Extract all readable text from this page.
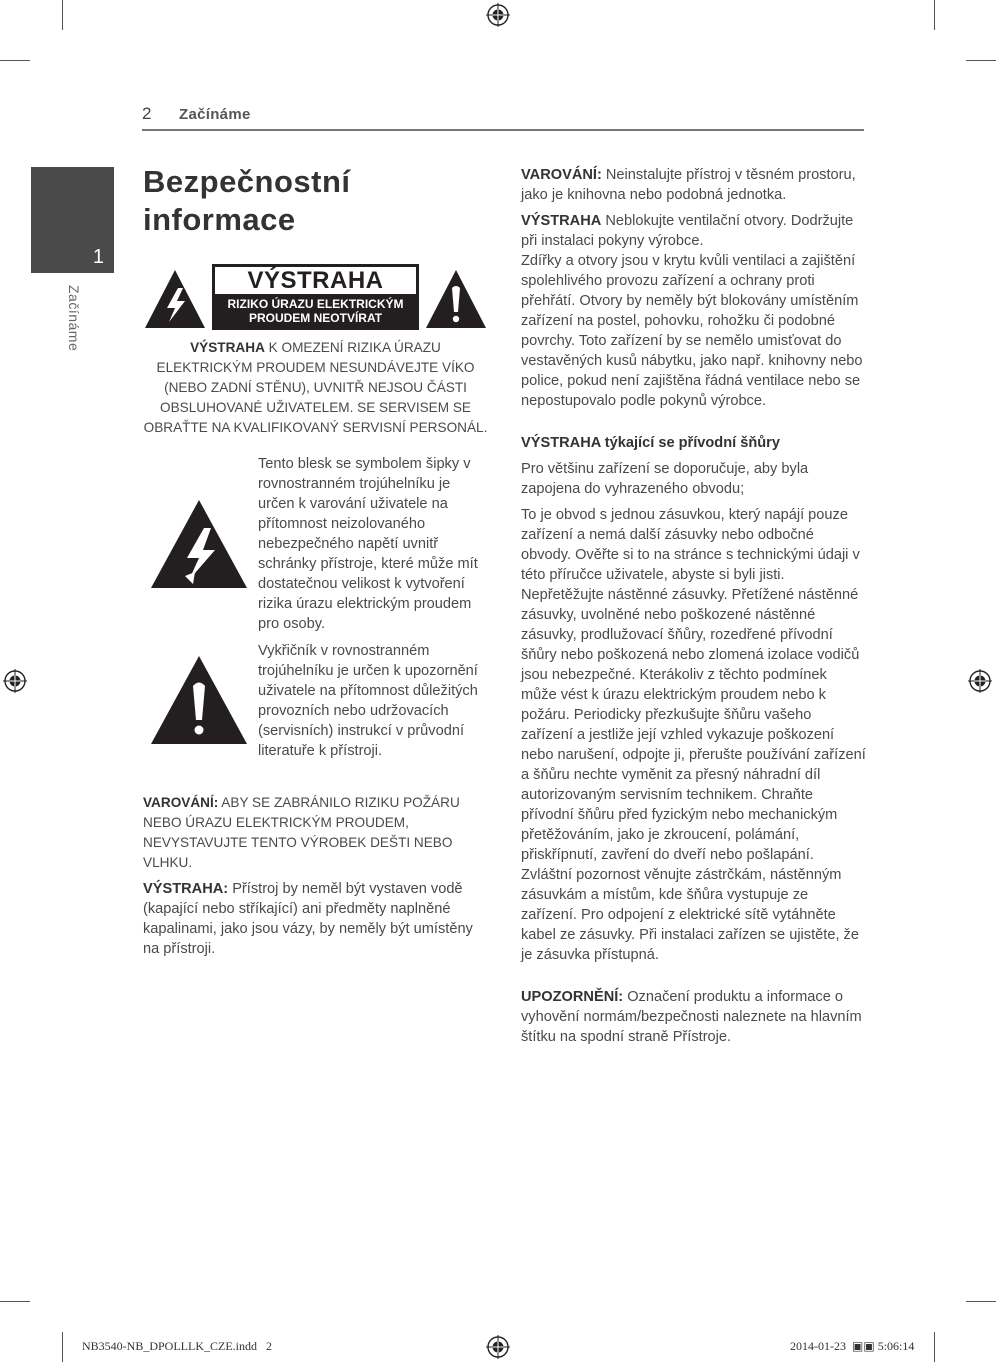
2 Začínáme
1
Začínáme
Bezpečnostní informace
VÝSTRAHA
RIZIKO ÚRAZU ELEKTRICKÝM
PROUDEM NEOTVÍRAT
VÝSTRAHA K OMEZENÍ RIZIKA ÚRAZU ELEKTRICKÝM PROUDEM NESUNDÁVEJTE VÍKO (NEBO ZADNÍ STĚNU), UVNITŘ NEJSOU ČÁSTI OBSLUHOVANÉ UŽIVATELEM. SE SERVISEM SE OBRAŤTE NA KVALIFIKOVANÝ SERVISNÍ PERSONÁL.
Tento blesk se symbolem šipky v rovnostranném trojúhelníku je určen k varování uživatele na přítomnost neizolovaného nebezpečného napětí uvnitř schránky přístroje, které může mít dostatečnou velikost k vytvoření rizika úrazu elektrickým proudem pro osoby.
Vykřičník v rovnostranném trojúhelníku je určen k upozornění uživatele na přítomnost důležitých provozních nebo udržovacích (servisních) instrukcí v průvodní literatuře k přístroji.
VAROVÁNÍ: ABY SE ZABRÁNILO RIZIKU POŽÁRU NEBO ÚRAZU ELEKTRICKÝM PROUDEM, NEVYSTAVUJTE TENTO VÝROBEK DEŠTI NEBO VLHKU.
VÝSTRAHA: Přístroj by neměl být vystaven vodě (kapající nebo stříkající) ani předměty naplněné kapalinami, jako jsou vázy, by neměly být umístěny na přístroji.
VAROVÁNÍ: Neinstalujte přístroj v těsném prostoru, jako je knihovna nebo podobná jednotka.
VÝSTRAHA Neblokujte ventilační otvory. Dodržujte při instalaci pokyny výrobce.
Zdířky a otvory jsou v krytu kvůli ventilaci a zajištění spolehlivého provozu zařízení a ochrany proti přehřátí. Otvory by neměly být blokovány umístěním zařízení na postel, pohovku, rohožku či podobné povrchy. Toto zařízení by se nemělo umisťovat do vestavěných kusů nábytku, jako např. knihovny nebo police, pokud není zajištěna řádná ventilace nebo se nepostupovalo podle pokynů výrobce.
VÝSTRAHA týkající se přívodní šňůry
Pro většinu zařízení se doporučuje, aby byla zapojena do vyhrazeného obvodu;
To je obvod s jednou zásuvkou, který napájí pouze zařízení a nemá další zásuvky nebo odbočné obvody. Ověřte si to na stránce s technickými údaji v této příručce uživatele, abyste si byli jisti. Nepřetěžujte nástěnné zásuvky. Přetížené nástěnné zásuvky, uvolněné nebo poškozené nástěnné zásuvky, prodlužovací šňůry, rozedřené přívodní šňůry nebo poškozená nebo zlomená izolace vodičů jsou nebezpečné. Kterákoliv z těchto podmínek může vést k úrazu elektrickým proudem nebo k požáru. Periodicky přezkušujte šňůru vašeho zařízení a jestliže její vzhled vykazuje poškození nebo narušení, odpojte ji, přerušte používání zařízení a šňůru nechte vyměnit za přesný náhradní díl autorizovaným servisním technikem. Chraňte přívodní šňůru před fyzickým nebo mechanickým přetěžováním, jako je zkroucení, polámání, přiskřípnutí, zavření do dveří nebo pošlapání. Zvláštní pozornost věnujte zástrčkám, nástěnným zásuvkám a místům, kde šňůra vystupuje ze zařízení. Pro odpojení z elektrické sítě vytáhněte kabel ze zásuvky. Při instalaci zařízen se ujistěte, že je zásuvka přístupná.
UPOZORNĚNÍ: Označení produktu a informace o vyhovění normám/bezpečnosti naleznete na hlavním štítku na spodní straně Přístroje.
NB3540-NB_DPOLLLK_CZE.indd   2	2014-01-23 ▣▣ 5:06:14
